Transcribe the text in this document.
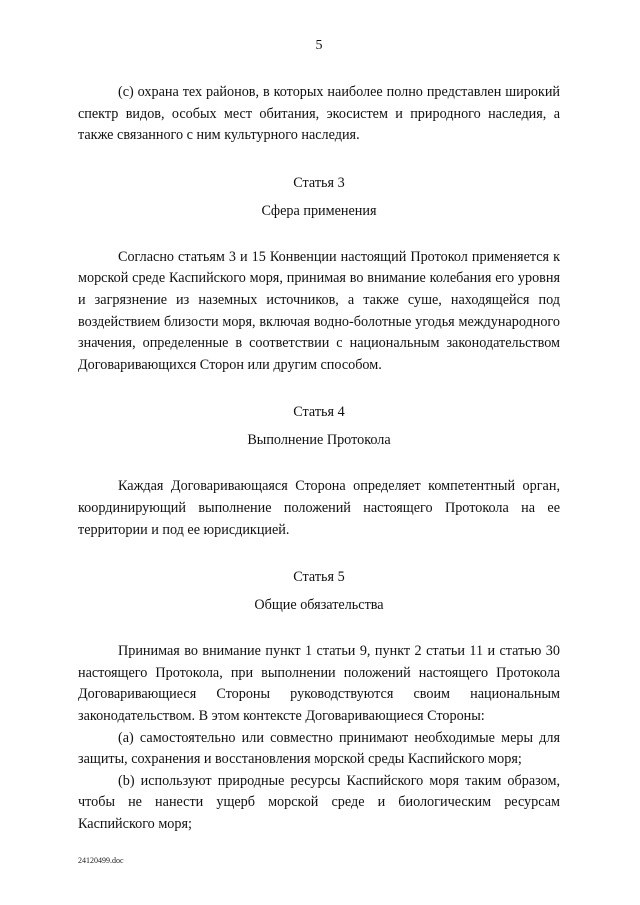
5

(c) охрана тех районов, в которых наиболее полно представлен широкий спектр видов, особых мест обитания, экосистем и природного наследия, а также связанного с ним культурного наследия.

Статья 3
Сфера применения

Согласно статьям 3 и 15 Конвенции настоящий Протокол применяется к морской среде Каспийского моря, принимая во внимание колебания его уровня и загрязнение из наземных источников, а также суше, находящейся под воздействием близости моря, включая водно-болотные угодья международного значения, определенные в соответствии с национальным законодательством Договаривающихся Сторон или другим способом.

Статья 4
Выполнение Протокола

Каждая Договаривающаяся Сторона определяет компетентный орган, координирующий выполнение положений настоящего Протокола на ее территории и под ее юрисдикцией.

Статья 5
Общие обязательства

Принимая во внимание пункт 1 статьи 9, пункт 2 статьи 11 и статью 30 настоящего Протокола, при выполнении положений настоящего Протокола Договаривающиеся Стороны руководствуются своим национальным законодательством. В этом контексте Договаривающиеся Стороны:

(a) самостоятельно или совместно принимают необходимые меры для защиты, сохранения и восстановления морской среды Каспийского моря;

(b) используют природные ресурсы Каспийского моря таким образом, чтобы не нанести ущерб морской среде и биологическим ресурсам Каспийского моря;

24120499.doc
